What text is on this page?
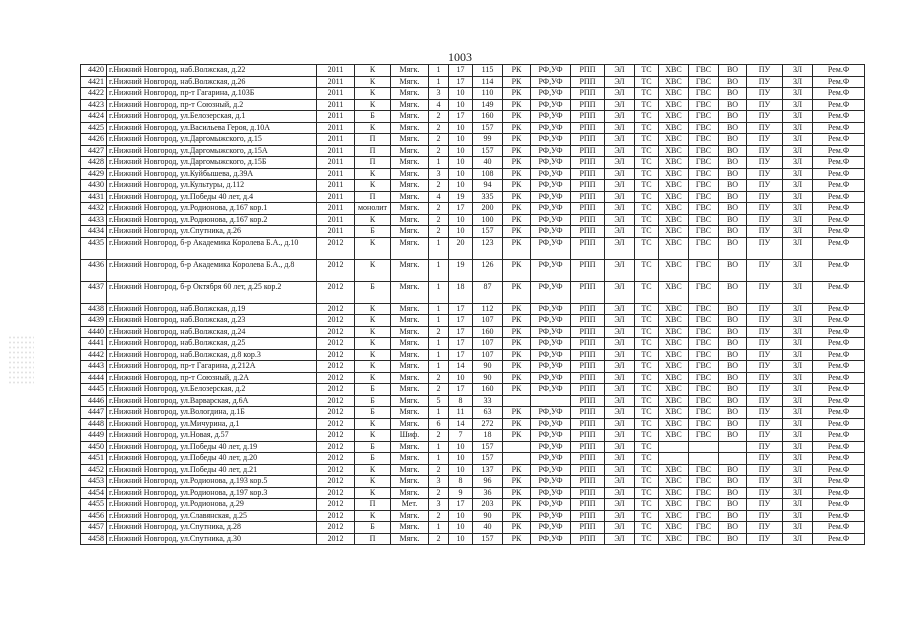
1003
4420	г.Нижний Новгород, наб.Волжская, д.22	2011	К	Мягк.	1	17	115	РК	РФ,УФ	РПП	ЭЛ	ТС	ХВС	ГВС	ВО	ПУ	ЗЛ	Рем.Ф
4421	г.Нижний Новгород, наб.Волжская, д.26	2011	К	Мягк.	1	17	114	РК	РФ,УФ	РПП	ЭЛ	ТС	ХВС	ГВС	ВО	ПУ	ЗЛ	Рем.Ф
4422	г.Нижний Новгород, пр-т Гагарина, д.103Б	2011	К	Мягк.	3	10	110	РК	РФ,УФ	РПП	ЭЛ	ТС	ХВС	ГВС	ВО	ПУ	ЗЛ	Рем.Ф
4423	г.Нижний Новгород, пр-т Союзный, д.2	2011	К	Мягк.	4	10	149	РК	РФ,УФ	РПП	ЭЛ	ТС	ХВС	ГВС	ВО	ПУ	ЗЛ	Рем.Ф
4424	г.Нижний Новгород, ул.Белозерская, д.1	2011	Б	Мягк.	2	17	160	РК	РФ,УФ	РПП	ЭЛ	ТС	ХВС	ГВС	ВО	ПУ	ЗЛ	Рем.Ф
4425	г.Нижний Новгород, ул.Васильева Героя, д.10А	2011	К	Мягк.	2	10	157	РК	РФ,УФ	РПП	ЭЛ	ТС	ХВС	ГВС	ВО	ПУ	ЗЛ	Рем.Ф
4426	г.Нижний Новгород, ул.Даргомыжского, д.15	2011	П	Мягк.	2	10	99	РК	РФ,УФ	РПП	ЭЛ	ТС	ХВС	ГВС	ВО	ПУ	ЗЛ	Рем.Ф
4427	г.Нижний Новгород, ул.Даргомыжского, д.15А	2011	П	Мягк.	2	10	157	РК	РФ,УФ	РПП	ЭЛ	ТС	ХВС	ГВС	ВО	ПУ	ЗЛ	Рем.Ф
4428	г.Нижний Новгород, ул.Даргомыжского, д.15Б	2011	П	Мягк.	1	10	40	РК	РФ,УФ	РПП	ЭЛ	ТС	ХВС	ГВС	ВО	ПУ	ЗЛ	Рем.Ф
4429	г.Нижний Новгород, ул.Куйбышева, д.39А	2011	К	Мягк.	3	10	108	РК	РФ,УФ	РПП	ЭЛ	ТС	ХВС	ГВС	ВО	ПУ	ЗЛ	Рем.Ф
4430	г.Нижний Новгород, ул.Культуры, д.112	2011	К	Мягк.	2	10	94	РК	РФ,УФ	РПП	ЭЛ	ТС	ХВС	ГВС	ВО	ПУ	ЗЛ	Рем.Ф
4431	г.Нижний Новгород, ул.Победы 40 лет, д.4	2011	П	Мягк.	4	19	335	РК	РФ,УФ	РПП	ЭЛ	ТС	ХВС	ГВС	ВО	ПУ	ЗЛ	Рем.Ф
4432	г.Нижний Новгород, ул.Родионова, д.167 кор.1	2011	монолит	Мягк.	2	17	200	РК	РФ,УФ	РПП	ЭЛ	ТС	ХВС	ГВС	ВО	ПУ	ЗЛ	Рем.Ф
4433	г.Нижний Новгород, ул.Родионова, д.167 кор.2	2011	К	Мягк.	2	10	100	РК	РФ,УФ	РПП	ЭЛ	ТС	ХВС	ГВС	ВО	ПУ	ЗЛ	Рем.Ф
4434	г.Нижний Новгород, ул.Спутника, д.26	2011	Б	Мягк.	2	10	157	РК	РФ,УФ	РПП	ЭЛ	ТС	ХВС	ГВС	ВО	ПУ	ЗЛ	Рем.Ф
4435	г.Нижний Новгород, б-р Академика Королева Б.А., д.10	2012	К	Мягк.	1	20	123	РК	РФ,УФ	РПП	ЭЛ	ТС	ХВС	ГВС	ВО	ПУ	ЗЛ	Рем.Ф
4436	г.Нижний Новгород, б-р Академика Королева Б.А., д.8	2012	К	Мягк.	1	19	126	РК	РФ,УФ	РПП	ЭЛ	ТС	ХВС	ГВС	ВО	ПУ	ЗЛ	Рем.Ф
4437	г.Нижний Новгород, б-р Октября 60 лет, д.25 кор.2	2012	Б	Мягк.	1	18	87	РК	РФ,УФ	РПП	ЭЛ	ТС	ХВС	ГВС	ВО	ПУ	ЗЛ	Рем.Ф
4438	г.Нижний Новгород, наб.Волжская, д.19	2012	К	Мягк.	1	17	112	РК	РФ,УФ	РПП	ЭЛ	ТС	ХВС	ГВС	ВО	ПУ	ЗЛ	Рем.Ф
4439	г.Нижний Новгород, наб.Волжская, д.23	2012	К	Мягк.	1	17	107	РК	РФ,УФ	РПП	ЭЛ	ТС	ХВС	ГВС	ВО	ПУ	ЗЛ	Рем.Ф
4440	г.Нижний Новгород, наб.Волжская, д.24	2012	К	Мягк.	2	17	160	РК	РФ,УФ	РПП	ЭЛ	ТС	ХВС	ГВС	ВО	ПУ	ЗЛ	Рем.Ф
4441	г.Нижний Новгород, наб.Волжская, д.25	2012	К	Мягк.	1	17	107	РК	РФ,УФ	РПП	ЭЛ	ТС	ХВС	ГВС	ВО	ПУ	ЗЛ	Рем.Ф
4442	г.Нижний Новгород, наб.Волжская, д.8 кор.3	2012	К	Мягк.	1	17	107	РК	РФ,УФ	РПП	ЭЛ	ТС	ХВС	ГВС	ВО	ПУ	ЗЛ	Рем.Ф
4443	г.Нижний Новгород, пр-т Гагарина, д.212А	2012	К	Мягк.	1	14	90	РК	РФ,УФ	РПП	ЭЛ	ТС	ХВС	ГВС	ВО	ПУ	ЗЛ	Рем.Ф
4444	г.Нижний Новгород, пр-т Союзный, д.2А	2012	К	Мягк.	2	10	90	РК	РФ,УФ	РПП	ЭЛ	ТС	ХВС	ГВС	ВО	ПУ	ЗЛ	Рем.Ф
4445	г.Нижний Новгород, ул.Белозерская, д.2	2012	Б	Мягк.	2	17	160	РК	РФ,УФ	РПП	ЭЛ	ТС	ХВС	ГВС	ВО	ПУ	ЗЛ	Рем.Ф
4446	г.Нижний Новгород, ул.Варварская, д.6А	2012	Б	Мягк.	5	8	33			РПП	ЭЛ	ТС	ХВС	ГВС	ВО	ПУ	ЗЛ	Рем.Ф
4447	г.Нижний Новгород, ул.Вологдина, д.1Б	2012	Б	Мягк.	1	11	63	РК	РФ,УФ	РПП	ЭЛ	ТС	ХВС	ГВС	ВО	ПУ	ЗЛ	Рем.Ф
4448	г.Нижний Новгород, ул.Мичурина, д.1	2012	К	Мягк.	6	14	272	РК	РФ,УФ	РПП	ЭЛ	ТС	ХВС	ГВС	ВО	ПУ	ЗЛ	Рем.Ф
4449	г.Нижний Новгород, ул.Новая, д.57	2012	К	Шиф.	2	7	18	РК	РФ,УФ	РПП	ЭЛ	ТС	ХВС	ГВС	ВО	ПУ	ЗЛ	Рем.Ф
4450	г.Нижний Новгород, ул.Победы 40 лет, д.19	2012	Б	Мягк.	1	10	157		РФ,УФ	РПП	ЭЛ	ТС				ПУ	ЗЛ	Рем.Ф
4451	г.Нижний Новгород, ул.Победы 40 лет, д.20	2012	Б	Мягк.	1	10	157		РФ,УФ	РПП	ЭЛ	ТС				ПУ	ЗЛ	Рем.Ф
4452	г.Нижний Новгород, ул.Победы 40 лет, д.21	2012	К	Мягк.	2	10	137	РК	РФ,УФ	РПП	ЭЛ	ТС	ХВС	ГВС	ВО	ПУ	ЗЛ	Рем.Ф
4453	г.Нижний Новгород, ул.Родионова, д.193 кор.5	2012	К	Мягк.	3	8	96	РК	РФ,УФ	РПП	ЭЛ	ТС	ХВС	ГВС	ВО	ПУ	ЗЛ	Рем.Ф
4454	г.Нижний Новгород, ул.Родионова, д.197 кор.3	2012	К	Мягк.	2	9	36	РК	РФ,УФ	РПП	ЭЛ	ТС	ХВС	ГВС	ВО	ПУ	ЗЛ	Рем.Ф
4455	г.Нижний Новгород, ул.Родионова, д.29	2012	П	Мет.	3	17	203	РК	РФ,УФ	РПП	ЭЛ	ТС	ХВС	ГВС	ВО	ПУ	ЗЛ	Рем.Ф
4456	г.Нижний Новгород, ул.Славянская, д.25	2012	К	Мягк.	2	10	90	РК	РФ,УФ	РПП	ЭЛ	ТС	ХВС	ГВС	ВО	ПУ	ЗЛ	Рем.Ф
4457	г.Нижний Новгород, ул.Спутника, д.28	2012	Б	Мягк.	1	10	40	РК	РФ,УФ	РПП	ЭЛ	ТС	ХВС	ГВС	ВО	ПУ	ЗЛ	Рем.Ф
4458	г.Нижний Новгород, ул.Спутника, д.30	2012	П	Мягк.	2	10	157	РК	РФ,УФ	РПП	ЭЛ	ТС	ХВС	ГВС	ВО	ПУ	ЗЛ	Рем.Ф
